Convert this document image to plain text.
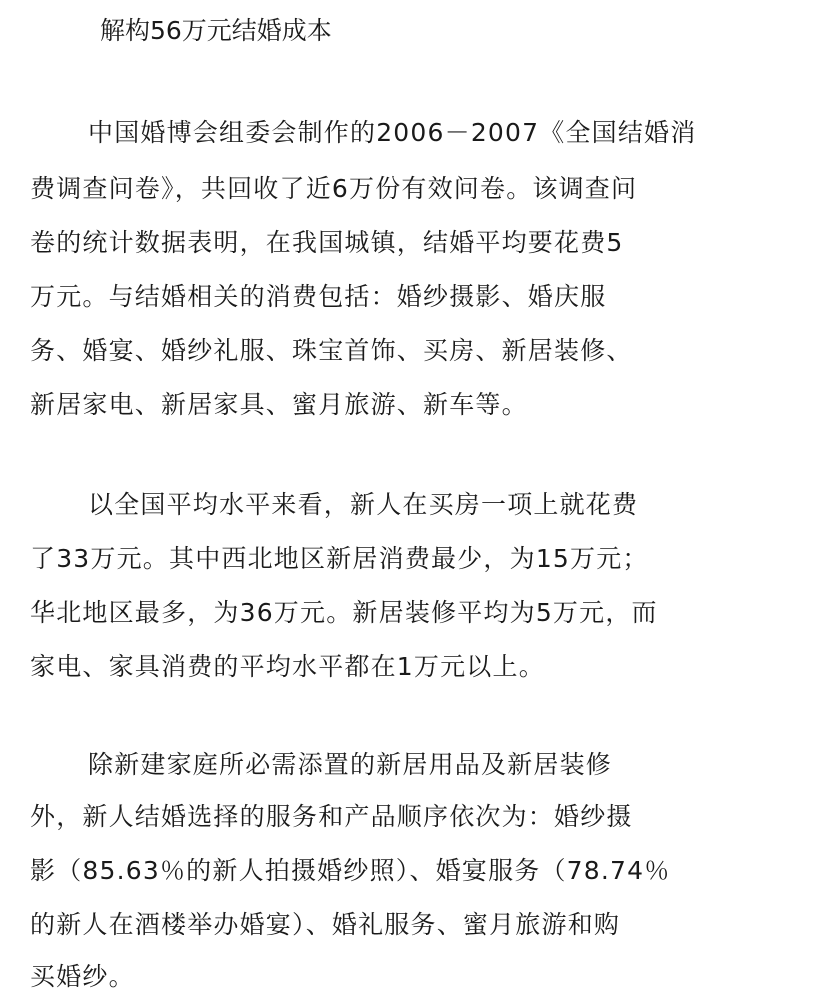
解构56万元结婚成本
中国婚博会组委会制作的2006－2007《全国结婚消
费调查问卷》，共回收了近6万份有效问卷。该调查问
卷的统计数据表明，在我国城镇，结婚平均要花费5
万元。与结婚相关的消费包括：婚纱摄影、婚庆服
务、婚宴、婚纱礼服、珠宝首饰、买房、新居装修、
新居家电、新居家具、蜜月旅游、新车等。
以全国平均水平来看，新人在买房一项上就花费
了33万元。其中西北地区新居消费最少，为15万元；
华北地区最多，为36万元。新居装修平均为5万元，而
家电、家具消费的平均水平都在1万元以上。
除新建家庭所必需添置的新居用品及新居装修
外，新人结婚选择的服务和产品顺序依次为：婚纱摄
影（85.63％的新人拍摄婚纱照）、婚宴服务（78.74％
的新人在酒楼举办婚宴）、婚礼服务、蜜月旅游和购
买婚纱。
